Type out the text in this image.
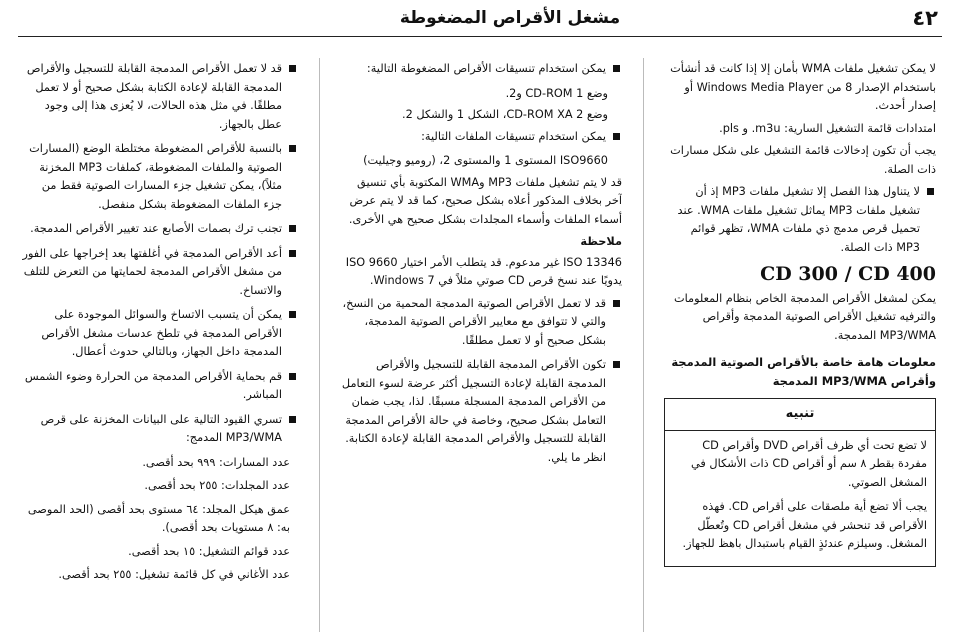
٤٢
مشغل الأقراص المضغوطة

لا يمكن تشغيل ملفات WMA بأمان إلا إذا كانت قد أُنشأت باستخدام الإصدار 8 من Windows Media Player أو إصدار أحدث.

امتدادات قائمة التشغيل السارية: m3u. و pls.

يجب أن تكون إدخالات قائمة التشغيل على شكل مسارات ذات الصلة.

لا يتناول هذا الفصل إلا تشغيل ملفات MP3 إذ أن تشغيل ملفات MP3 يماثل تشغيل ملفات WMA. عند تحميل قرص مدمج ذي ملفات WMA، تظهر قوائم MP3 ذات الصلة.
CD 300 / CD 400

يمكن لمشغل الأقراص المدمجة الخاص بنظام المعلومات والترفيه تشغيل الأقراص الصوتية المدمجة وأقراص MP3/WMA المدمجة.

معلومات هامة خاصة بالأقراص الصوتية المدمجة وأقراص MP3/WMA المدمجة
تنبيه

لا تضع تحت أي ظرف أقراص DVD وأقراص CD مفردة بقطر ٨ سم أو أقراص CD ذات الأشكال في المشغل الصوتي.

يجب ألا تضع أية ملصقات على أقراص CD. فهذه الأقراص قد تنحشر في مشغل أقراص CD وتُعطّل المشغل. وسيلزم عندئذٍ القيام باستبدال باهظ للجهاز.

يمكن استخدام تنسيقات الأقراص المضغوطة التالية:

وضع 1 CD-ROM و2.

وضع 2 CD-ROM XA، الشكل 1 والشكل 2.

يمكن استخدام تنسيقات الملفات التالية:

ISO9660 المستوى 1 والمستوى 2، (روميو وجيليت)

قد لا يتم تشغيل ملفات MP3 وWMA المكتوبة بأي تنسيق آخر بخلاف المذكور أعلاه بشكل صحيح، كما قد لا يتم عرض أسماء الملفات وأسماء المجلدات بشكل صحيح هي الأخرى.

ملاحظة

ISO 13346 غير مدعوم. قد يتطلب الأمر اختيار ISO 9660 يدويًا عند نسخ قرص CD صوتي مثلاً في Windows 7.

قد لا تعمل الأقراص الصوتية المدمجة المحمية من النسخ، والتي لا تتوافق مع معايير الأقراص الصوتية المدمجة، بشكل صحيح أو لا تعمل مطلقًا.
تكون الأقراص المدمجة القابلة للتسجيل والأقراص المدمجة القابلة لإعادة التسجيل أكثر عرضة لسوء التعامل من الأقراص المدمجة المسجلة مسبقًا. لذا، يجب ضمان التعامل بشكل صحيح، وخاصة في حالة الأقراص المدمجة القابلة للتسجيل والأقراص المدمجة القابلة لإعادة الكتابة. انظر ما يلي.
قد لا تعمل الأقراص المدمجة القابلة للتسجيل والأقراص المدمجة القابلة لإعادة الكتابة بشكل صحيح أو لا تعمل مطلقًا. في مثل هذه الحالات، لا يُعزى هذا إلى وجود عطل بالجهاز.
بالنسبة للأقراص المضغوطة مختلطة الوضع (المسارات الصوتية والملفات المضغوطة، كملفات MP3 المخزنة مثلاً)، يمكن تشغيل جزء المسارات الصوتية فقط من جزء الملفات المضغوطة بشكل منفصل.
تجنب ترك بصمات الأصابع عند تغيير الأقراص المدمجة.
أعد الأقراص المدمجة في أغلفتها بعد إخراجها على الفور من مشغل الأقراص المدمجة لحمايتها من التعرض للتلف والاتساخ.
يمكن أن يتسبب الاتساخ والسوائل الموجودة على الأقراص المدمجة في تلطخ عدسات مشغل الأقراص المدمجة داخل الجهاز، وبالتالي حدوث أعطال.
قم بحماية الأقراص المدمجة من الحرارة وضوء الشمس المباشر.
تسري القيود التالية على البيانات المخزنة على قرص MP3/WMA المدمج:

عدد المسارات: ٩٩٩ بحد أقصى.

عدد المجلدات: ٢٥٥ بحد أقصى.

عمق هيكل المجلد: ٦٤ مستوى بحد أقصى (الحد الموصى به: ٨ مستويات بحد أقصى).

عدد قوائم التشغيل: ١٥ بحد أقصى.

عدد الأغاني في كل قائمة تشغيل: ٢٥٥ بحد أقصى.
